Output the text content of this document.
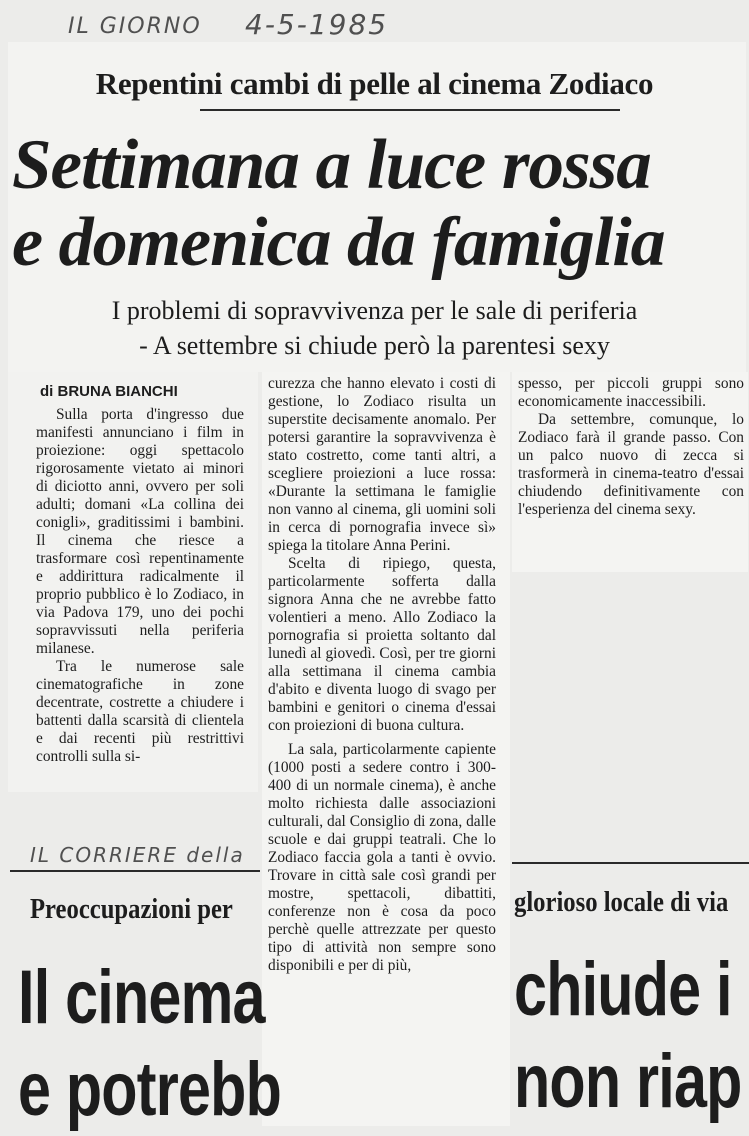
IL GIORNO 4-5-1985
Repentini cambi di pelle al cinema Zodiaco
Settimana a luce rossa
e domenica da famiglia
I problemi di sopravvivenza per le sale di periferia
- A settembre si chiude però la parentesi sexy
di BRUNA BIANCHI

Sulla porta d'ingresso due manifesti annunciano i film in proiezione: oggi spettacolo rigorosamente vietato ai minori di diciotto anni, ovvero per soli adulti; domani «La collina dei conigli», graditissimi i bambini. Il cinema che riesce a trasformare così repentinamente e addirittura radicalmente il proprio pubblico è lo Zodiaco, in via Padova 179, uno dei pochi sopravvissuti nella periferia milanese.

Tra le numerose sale cinematografiche in zone decentrate, costrette a chiudere i battenti dalla scarsità di clientela e dai recenti più restrittivi controlli sulla si-

curezza che hanno elevato i costi di gestione, lo Zodiaco risulta un superstite decisamente anomalo. Per potersi garantire la sopravvivenza è stato costretto, come tanti altri, a scegliere proiezioni a luce rossa: «Durante la settimana le famiglie non vanno al cinema, gli uomini soli in cerca di pornografia invece sì» spiega la titolare Anna Perini.

Scelta di ripiego, questa, particolarmente sofferta dalla signora Anna che ne avrebbe fatto volentieri a meno. Allo Zodiaco la pornografia si proietta soltanto dal lunedì al giovedì. Così, per tre giorni alla settimana il cinema cambia d'abito e diventa luogo di svago per bambini e genitori o cinema d'essai con proiezioni di buona cultura.

La sala, particolarmente capiente (1000 posti a sedere contro i 300-400 di un normale cinema), è anche molto richiesta dalle associazioni culturali, dal Consiglio di zona, dalle scuole e dai gruppi teatrali. Che lo Zodiaco faccia gola a tanti è ovvio. Trovare in città sale così grandi per mostre, spettacoli, dibattiti, conferenze non è cosa da poco perchè quelle attrezzate per questo tipo di attività non sempre sono disponibili e per di più,

spesso, per piccoli gruppi sono economicamente inaccessibili.

Da settembre, comunque, lo Zodiaco farà il grande passo. Con un palco nuovo di zecca si trasformerà in cinema-teatro d'essai chiudendo definitivamente con l'esperienza del cinema sexy.

IL CORRIERE della
Preoccupazioni per	glorioso locale di via
Il cinema	chiude i
e potrebb	non riap
